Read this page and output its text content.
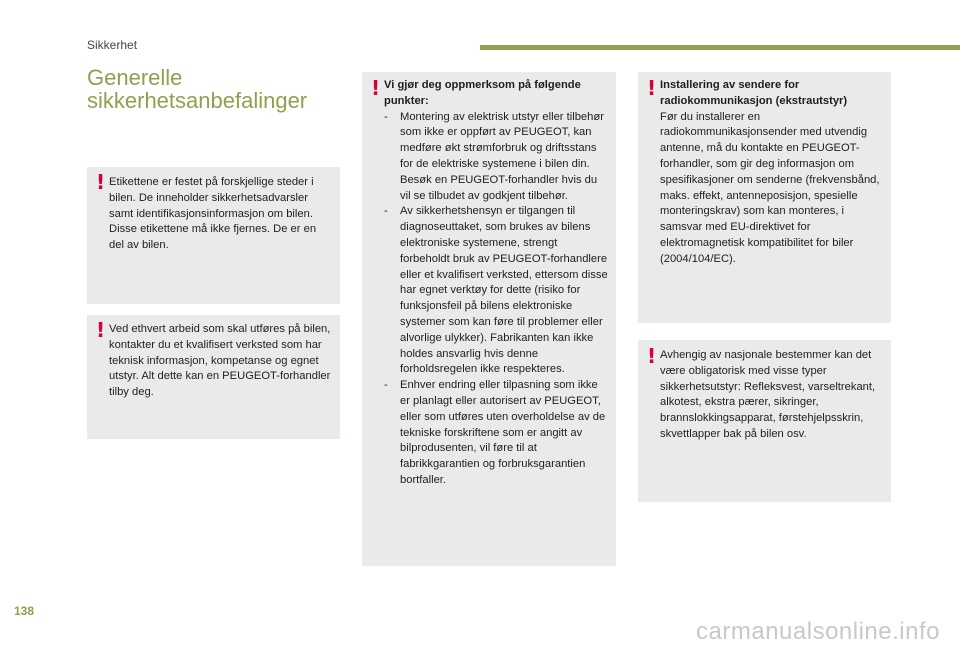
Sikkerhet
Generelle
sikkerhetsanbefalinger
! Etikettene er festet på forskjellige steder i bilen. De inneholder sikkerhetsadvarsler samt identifikasjonsinformasjon om bilen. Disse etikettene må ikke fjernes. De er en del av bilen.

! Ved ethvert arbeid som skal utføres på bilen, kontakter du et kvalifisert verksted som har teknisk informasjon, kompetanse og egnet utstyr. Alt dette kan en PEUGEOT-forhandler tilby deg.

! Vi gjør deg oppmerksom på følgende punkter:

- Montering av elektrisk utstyr eller tilbehør som ikke er oppført av PEUGEOT, kan medføre økt strømforbruk og driftsstans for de elektriske systemene i bilen din. Besøk en PEUGEOT-forhandler hvis du vil se tilbudet av godkjent tilbehør.

- Av sikkerhetshensyn er tilgangen til diagnoseuttaket, som brukes av bilens elektroniske systemene, strengt forbeholdt bruk av PEUGEOT-forhandlere eller et kvalifisert verksted, ettersom disse har egnet verktøy for dette (risiko for funksjonsfeil på bilens elektroniske systemer som kan føre til problemer eller alvorlige ulykker). Fabrikanten kan ikke holdes ansvarlig hvis denne forholdsregelen ikke respekteres.

- Enhver endring eller tilpasning som ikke er planlagt eller autorisert av PEUGEOT, eller som utføres uten overholdelse av de tekniske forskriftene som er angitt av bilprodusenten, vil føre til at fabrikkgarantien og forbruksgarantien bortfaller.

! Installering av sendere for radiokommunikasjon (ekstrautstyr)

Før du installerer en radiokommunikasjonsender med utvendig antenne, må du kontakte en PEUGEOT-forhandler, som gir deg informasjon om spesifikasjoner om senderne (frekvensbånd, maks. effekt, antenneposisjon, spesielle monteringskrav) som kan monteres, i samsvar med EU-direktivet for elektromagnetisk kompatibilitet for biler (2004/104/EC).

! Avhengig av nasjonale bestemmer kan det være obligatorisk med visse typer sikkerhetsutstyr: Refleksvest, varseltrekant, alkotest, ekstra pærer, sikringer, brannslokkingsapparat, førstehjelpsskrin, skvettlapper bak på bilen osv.

138
carmanualsonline.info
